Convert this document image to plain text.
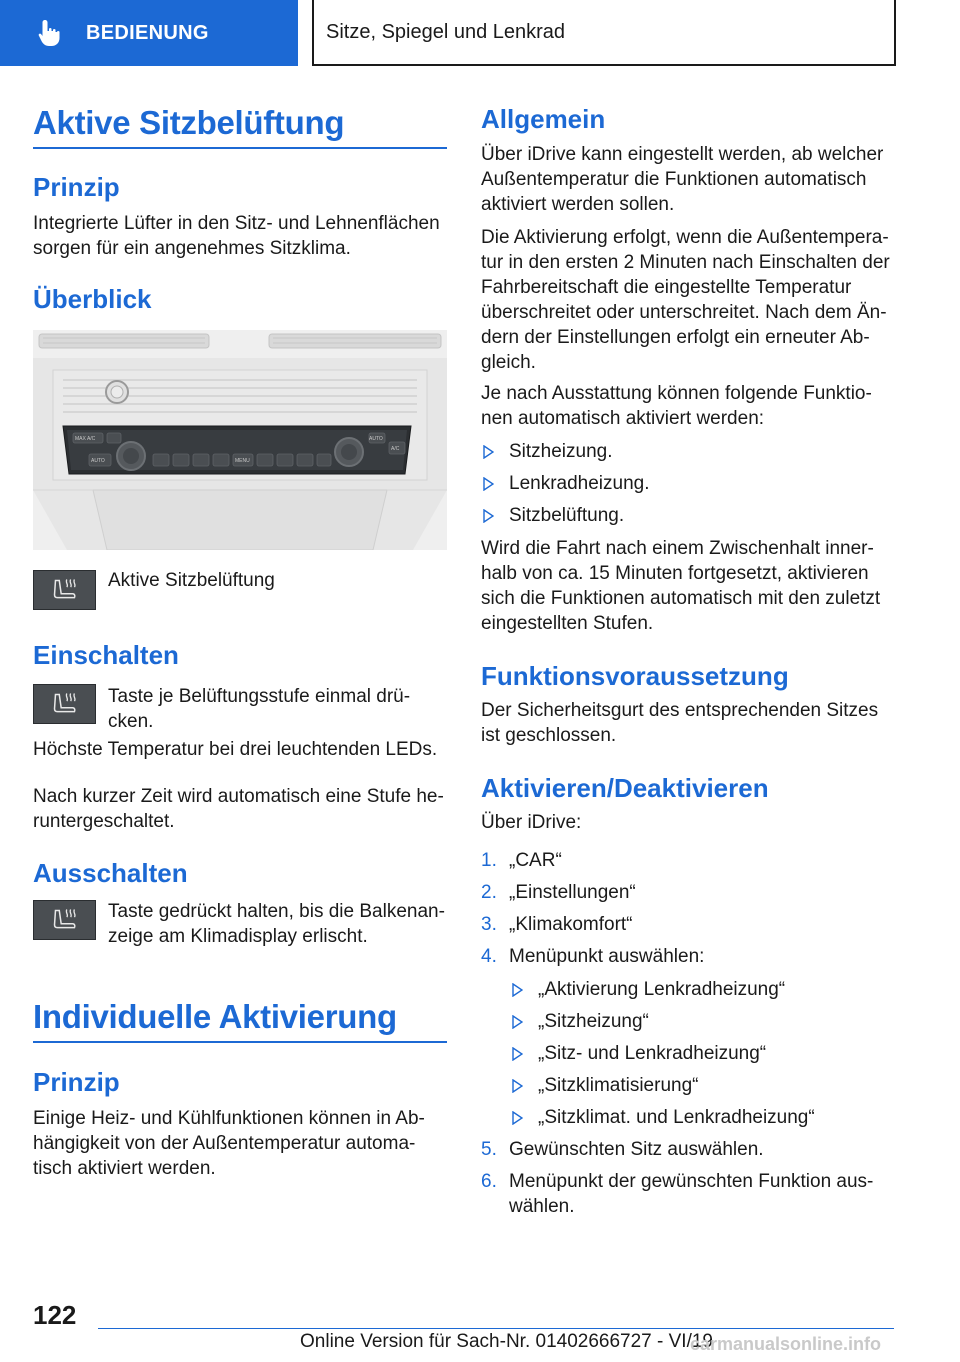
BEDIENUNG	Sitze, Spiegel und Lenkrad
Aktive Sitzbelüftung
Prinzip
Integrierte Lüfter in den Sitz- und Lehnenflächen sorgen für ein angenehmes Sitzklima.
Überblick
MAX A/C
AUTO	MENU
AUTO
A/C
Aktive Sitzbelüftung
Einschalten
Taste je Belüftungsstufe einmal drü-cken.
Höchste Temperatur bei drei leuchtenden LEDs.
Nach kurzer Zeit wird automatisch eine Stufe he-runtergeschaltet.
Ausschalten
Taste gedrückt halten, bis die Balkenan-zeige am Klimadisplay erlischt.
Individuelle Aktivierung
Prinzip
Einige Heiz- und Kühlfunktionen können in Ab-hängigkeit von der Außentemperatur automa-tisch aktiviert werden.
Allgemein
Über iDrive kann eingestellt werden, ab welcher Außentemperatur die Funktionen automatisch aktiviert werden sollen.
Die Aktivierung erfolgt, wenn die Außentempera-tur in den ersten 2 Minuten nach Einschalten der Fahrbereitschaft die eingestellte Temperatur überschreitet oder unterschreitet. Nach dem Än-dern der Einstellungen erfolgt ein erneuter Ab-gleich.
Je nach Ausstattung können folgende Funktio-nen automatisch aktiviert werden:
Sitzheizung.
Lenkradheizung.
Sitzbelüftung.
Wird die Fahrt nach einem Zwischenhalt inner-halb von ca. 15 Minuten fortgesetzt, aktivieren sich die Funktionen automatisch mit den zuletzt eingestellten Stufen.
Funktionsvoraussetzung
Der Sicherheitsgurt des entsprechenden Sitzes ist geschlossen.
Aktivieren/Deaktivieren
Über iDrive:
1. „CAR“
2. „Einstellungen“
3. „Klimakomfort“
4. Menüpunkt auswählen:
„Aktivierung Lenkradheizung“
„Sitzheizung“
„Sitz- und Lenkradheizung“
„Sitzklimatisierung“
„Sitzklimat. und Lenkradheizung“
5. Gewünschten Sitz auswählen.
6. Menüpunkt der gewünschten Funktion aus-wählen.
122
Online Version für Sach-Nr. 01402666727 - VI/19
carmanualsonline.info
